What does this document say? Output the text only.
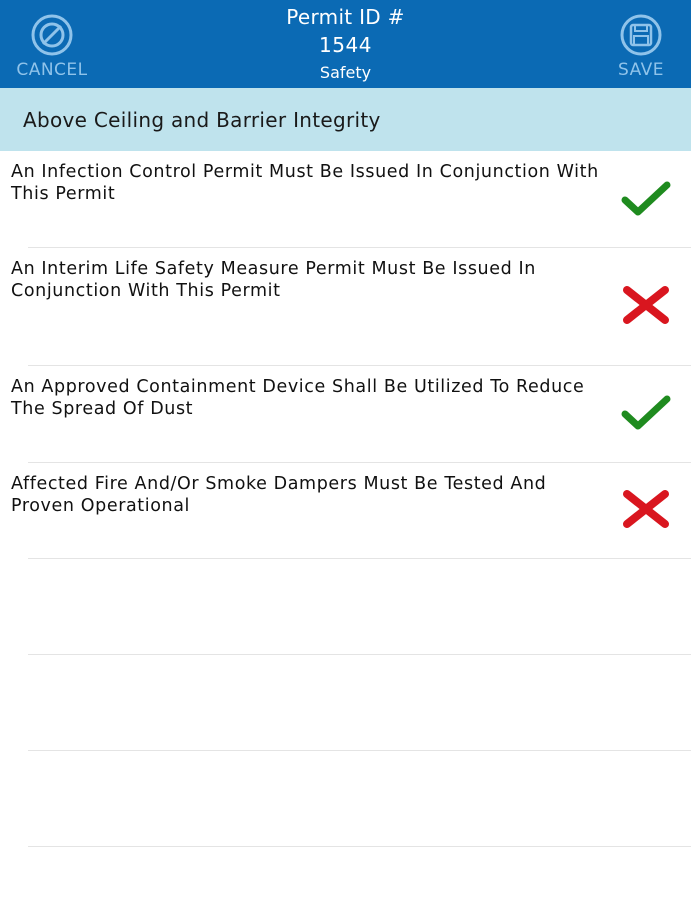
CANCEL
Permit ID #
1544
Safety	SAVE
Above Ceiling and Barrier Integrity
An Infection Control Permit Must Be Issued In Conjunction With This Permit
An Interim Life Safety Measure Permit Must Be Issued In Conjunction With This Permit
An Approved Containment Device Shall Be Utilized To Reduce The Spread Of Dust
Affected Fire And/Or Smoke Dampers Must Be Tested And Proven Operational
